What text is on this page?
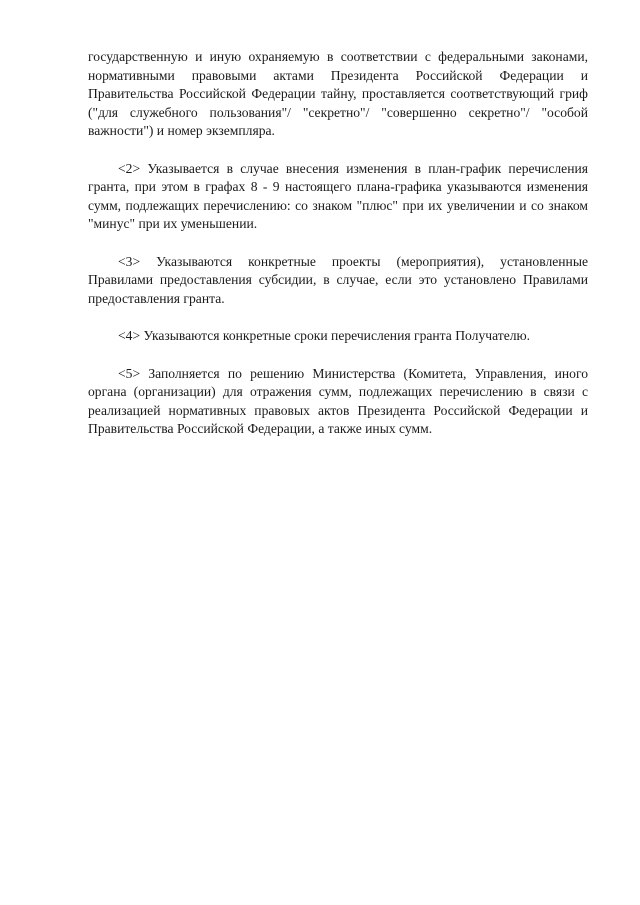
государственную и иную охраняемую в соответствии с федеральными законами, нормативными правовыми актами Президента Российской Федерации и Правительства Российской Федерации тайну, проставляется соответствующий гриф ("для служебного пользования"/ "секретно"/ "совершенно секретно"/ "особой важности") и номер экземпляра.

<2> Указывается в случае внесения изменения в план-график перечисления гранта, при этом в графах 8 - 9 настоящего плана-графика указываются изменения сумм, подлежащих перечислению: со знаком "плюс" при их увеличении и со знаком "минус" при их уменьшении.

<3> Указываются конкретные проекты (мероприятия), установленные Правилами предоставления субсидии, в случае, если это установлено Правилами предоставления гранта.

<4> Указываются конкретные сроки перечисления гранта Получателю.

<5> Заполняется по решению Министерства (Комитета, Управления, иного органа (организации) для отражения сумм, подлежащих перечислению в связи с реализацией нормативных правовых актов Президента Российской Федерации и Правительства Российской Федерации, а также иных сумм.
